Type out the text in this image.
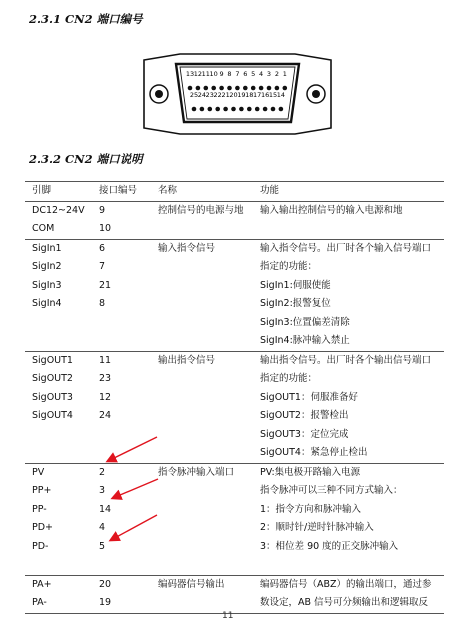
2.3.1 CN2 端口编号
13 12 11 10 9 8 7 6 5 4 3 2 1
25 24 23 22 21 20 19 18 17 16 15 14
2.3.2 CN2 端口说明
引脚	接口编号	名称	功能
DC12~24V	9	控制信号的电源与地	输入输出控制信号的输入电源和地
COM	10		
SigIn1	6	输入指令信号	输入指令信号。出厂时各个输入信号端口
SigIn2	7		指定的功能：
SigIn3	21		SigIn1:伺服使能
SigIn4	8		SigIn2:报警复位
			SigIn3:位置偏差清除
			SigIn4:脉冲输入禁止
SigOUT1	11	输出指令信号	输出指令信号。出厂时各个输出信号端口
SigOUT2	23		指定的功能：
SigOUT3	12		SigOUT1：伺服准备好
SigOUT4	24		SigOUT2：报警检出
			SigOUT3：定位完成
			SigOUT4：紧急停止检出
PV	2	指令脉冲输入端口	PV:集电极开路输入电源
PP+	3		指令脉冲可以三种不同方式输入：
PP-	14		1：指令方向和脉冲输入
PD+	4		2：顺时针/逆时针脉冲输入
PD-	5		3：相位差 90 度的正交脉冲输入

PA+	20	编码器信号输出	编码器信号（ABZ）的输出端口，通过参
PA-	19		数设定，AB 信号可分频输出和逻辑取反
11
